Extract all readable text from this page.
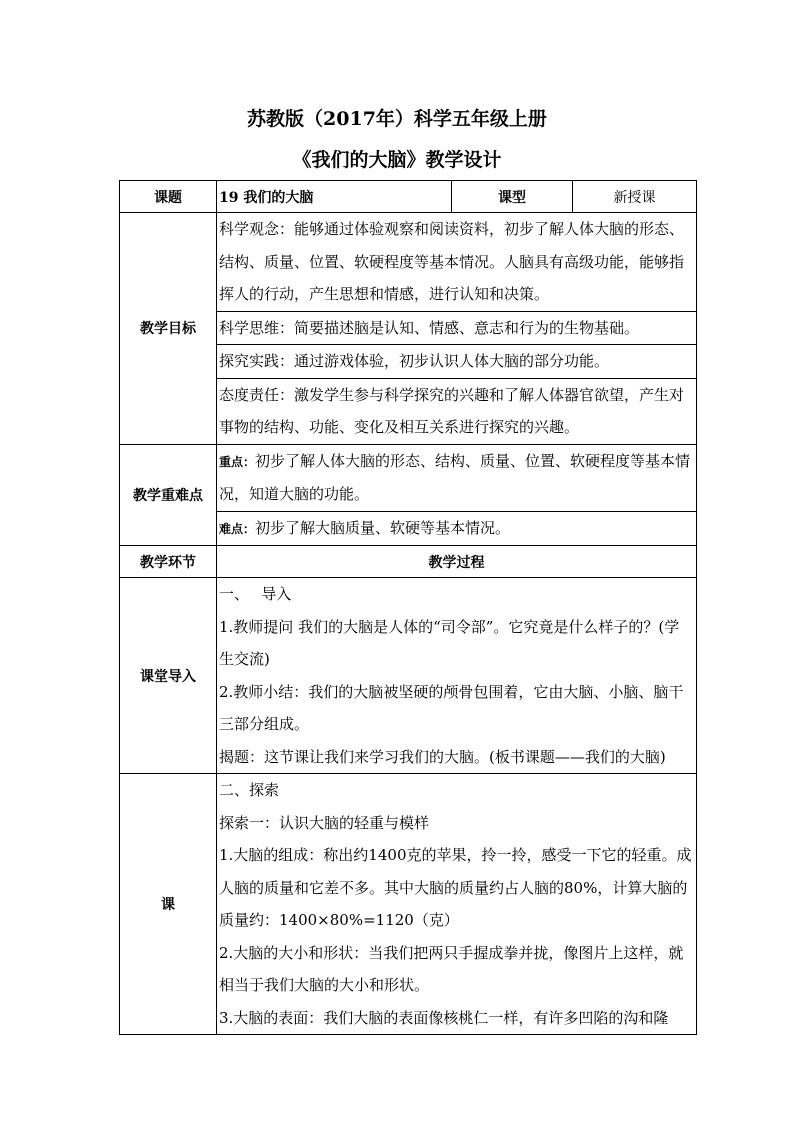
苏教版（2017年）科学五年级上册
《我们的大脑》教学设计
课题	19 我们的大脑	课型	新授课
教学目标	科学观念：能够通过体验观察和阅读资料，初步了解人体大脑的形态、结构、质量、位置、软硬程度等基本情况。人脑具有高级功能，能够指挥人的行动，产生思想和情感，进行认知和决策。		
	科学思维：简要描述脑是认知、情感、意志和行为的生物基础。		
	探究实践：通过游戏体验，初步认识人体大脑的部分功能。		
	态度责任：激发学生参与科学探究的兴趣和了解人体器官欲望，产生对事物的结构、功能、变化及相互关系进行探究的兴趣。		
教学重难点	重点：初步了解人体大脑的形态、结构、质量、位置、软硬程度等基本情况，知道大脑的功能。		
	难点：初步了解大脑质量、软硬等基本情况。		
教学环节	教学过程		
课堂导入	一、　 导入
1.教师提问 我们的大脑是人体的“司令部”。它究竟是什么样子的？(学生交流)
2.教师小结：我们的大脑被坚硬的颅骨包围着，它由大脑、小脑、脑干三部分组成。
揭题：这节课让我们来学习我们的大脑。(板书课题——我们的大脑)		

课	二、探索
探索一：认识大脑的轻重与模样
1.大脑的组成：称出约1400克的苹果，拎一拎，感受一下它的轻重。成人脑的质量和它差不多。其中大脑的质量约占人脑的80%，计算大脑的质量约：1400×80%=1120（克）
2.大脑的大小和形状：当我们把两只手握成拳并拢，像图片上这样，就相当于我们大脑的大小和形状。
3.大脑的表面：我们大脑的表面像核桃仁一样，有许多凹陷的沟和隆		
